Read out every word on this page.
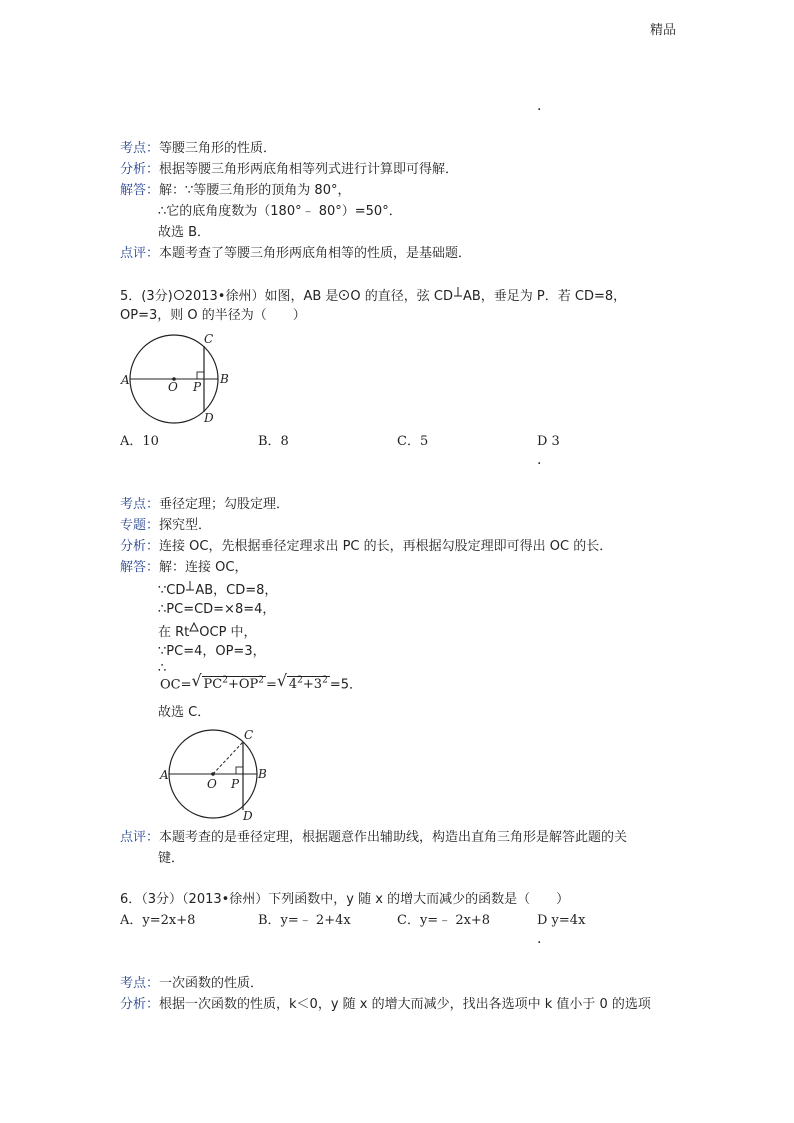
精品
.
考点：等腰三角形的性质．
分析：根据等腰三角形两底角相等列式进行计算即可得解．
解答：解：∵等腰三角形的顶角为 80°，
∴它的底角度数为（180°﹣ 80°）=50°．
故选 B．
点评：本题考查了等腰三角形两底角相等的性质，是基础题．
5．(3分) 2013•徐州）如图，AB 是 O 的直径，弦 CD AB，垂足为 P．若 CD=8，
OP=3，则 O 的半径为（　　）
A	B
C
D
O P
A．10	B．8	C．5	D 3
.
考点：垂径定理；勾股定理．
专题：探究型．
分析：连接 OC，先根据垂径定理求出 PC 的长，再根据勾股定理即可得出 OC 的长．
解答：解：连接 OC，
∵CD AB，CD=8，
∴PC=CD=×8=4，
在 Rt OCP 中，
∵PC=4，OP=3，
∴
OC= √ $PC^2+OP^2$ = √ $4^2+3^2 =5$．
故选 C．
A	B
C
D
O P
点评：本题考查的是垂径定理，根据题意作出辅助线，构造出直角三角形是解答此题的关
键．
6．（3分）（2013•徐州）下列函数中，y 随 x 的增大而减少的函数是（　　）
A．y=2x+8	B．y=﹣ 2+4x	C．y=﹣ 2x+8	D y=4x
.
考点：一次函数的性质．
分析：根据一次函数的性质，k＜0，y 随 x 的增大而减少，找出各选项中 k 值小于 0 的选项
